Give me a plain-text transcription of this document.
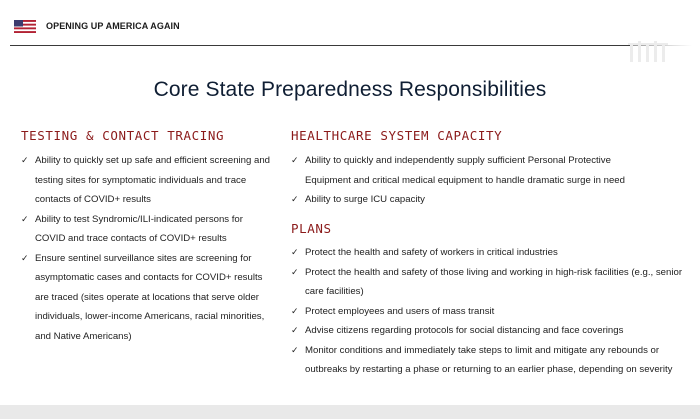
OPENING UP AMERICA AGAIN
Core State Preparedness Responsibilities
TESTING & CONTACT TRACING
✓ Ability to quickly set up safe and efficient screening and testing sites for symptomatic individuals and trace contacts of COVID+ results
✓ Ability to test Syndromic/ILI-indicated persons for COVID and trace contacts of COVID+ results
✓ Ensure sentinel surveillance sites are screening for asymptomatic cases and contacts for COVID+ results are traced (sites operate at locations that serve older individuals, lower-income Americans, racial minorities, and Native Americans)
HEALTHCARE SYSTEM CAPACITY
✓ Ability to quickly and independently supply sufficient Personal Protective Equipment and critical medical equipment to handle dramatic surge in need
✓ Ability to surge ICU capacity
PLANS
✓ Protect the health and safety of workers in critical industries
✓ Protect the health and safety of those living and working in high-risk facilities (e.g., senior care facilities)
✓ Protect employees and users of mass transit
✓ Advise citizens regarding protocols for social distancing and face coverings
✓ Monitor conditions and immediately take steps to limit and mitigate any rebounds or outbreaks by restarting a phase or returning to an earlier phase, depending on severity
